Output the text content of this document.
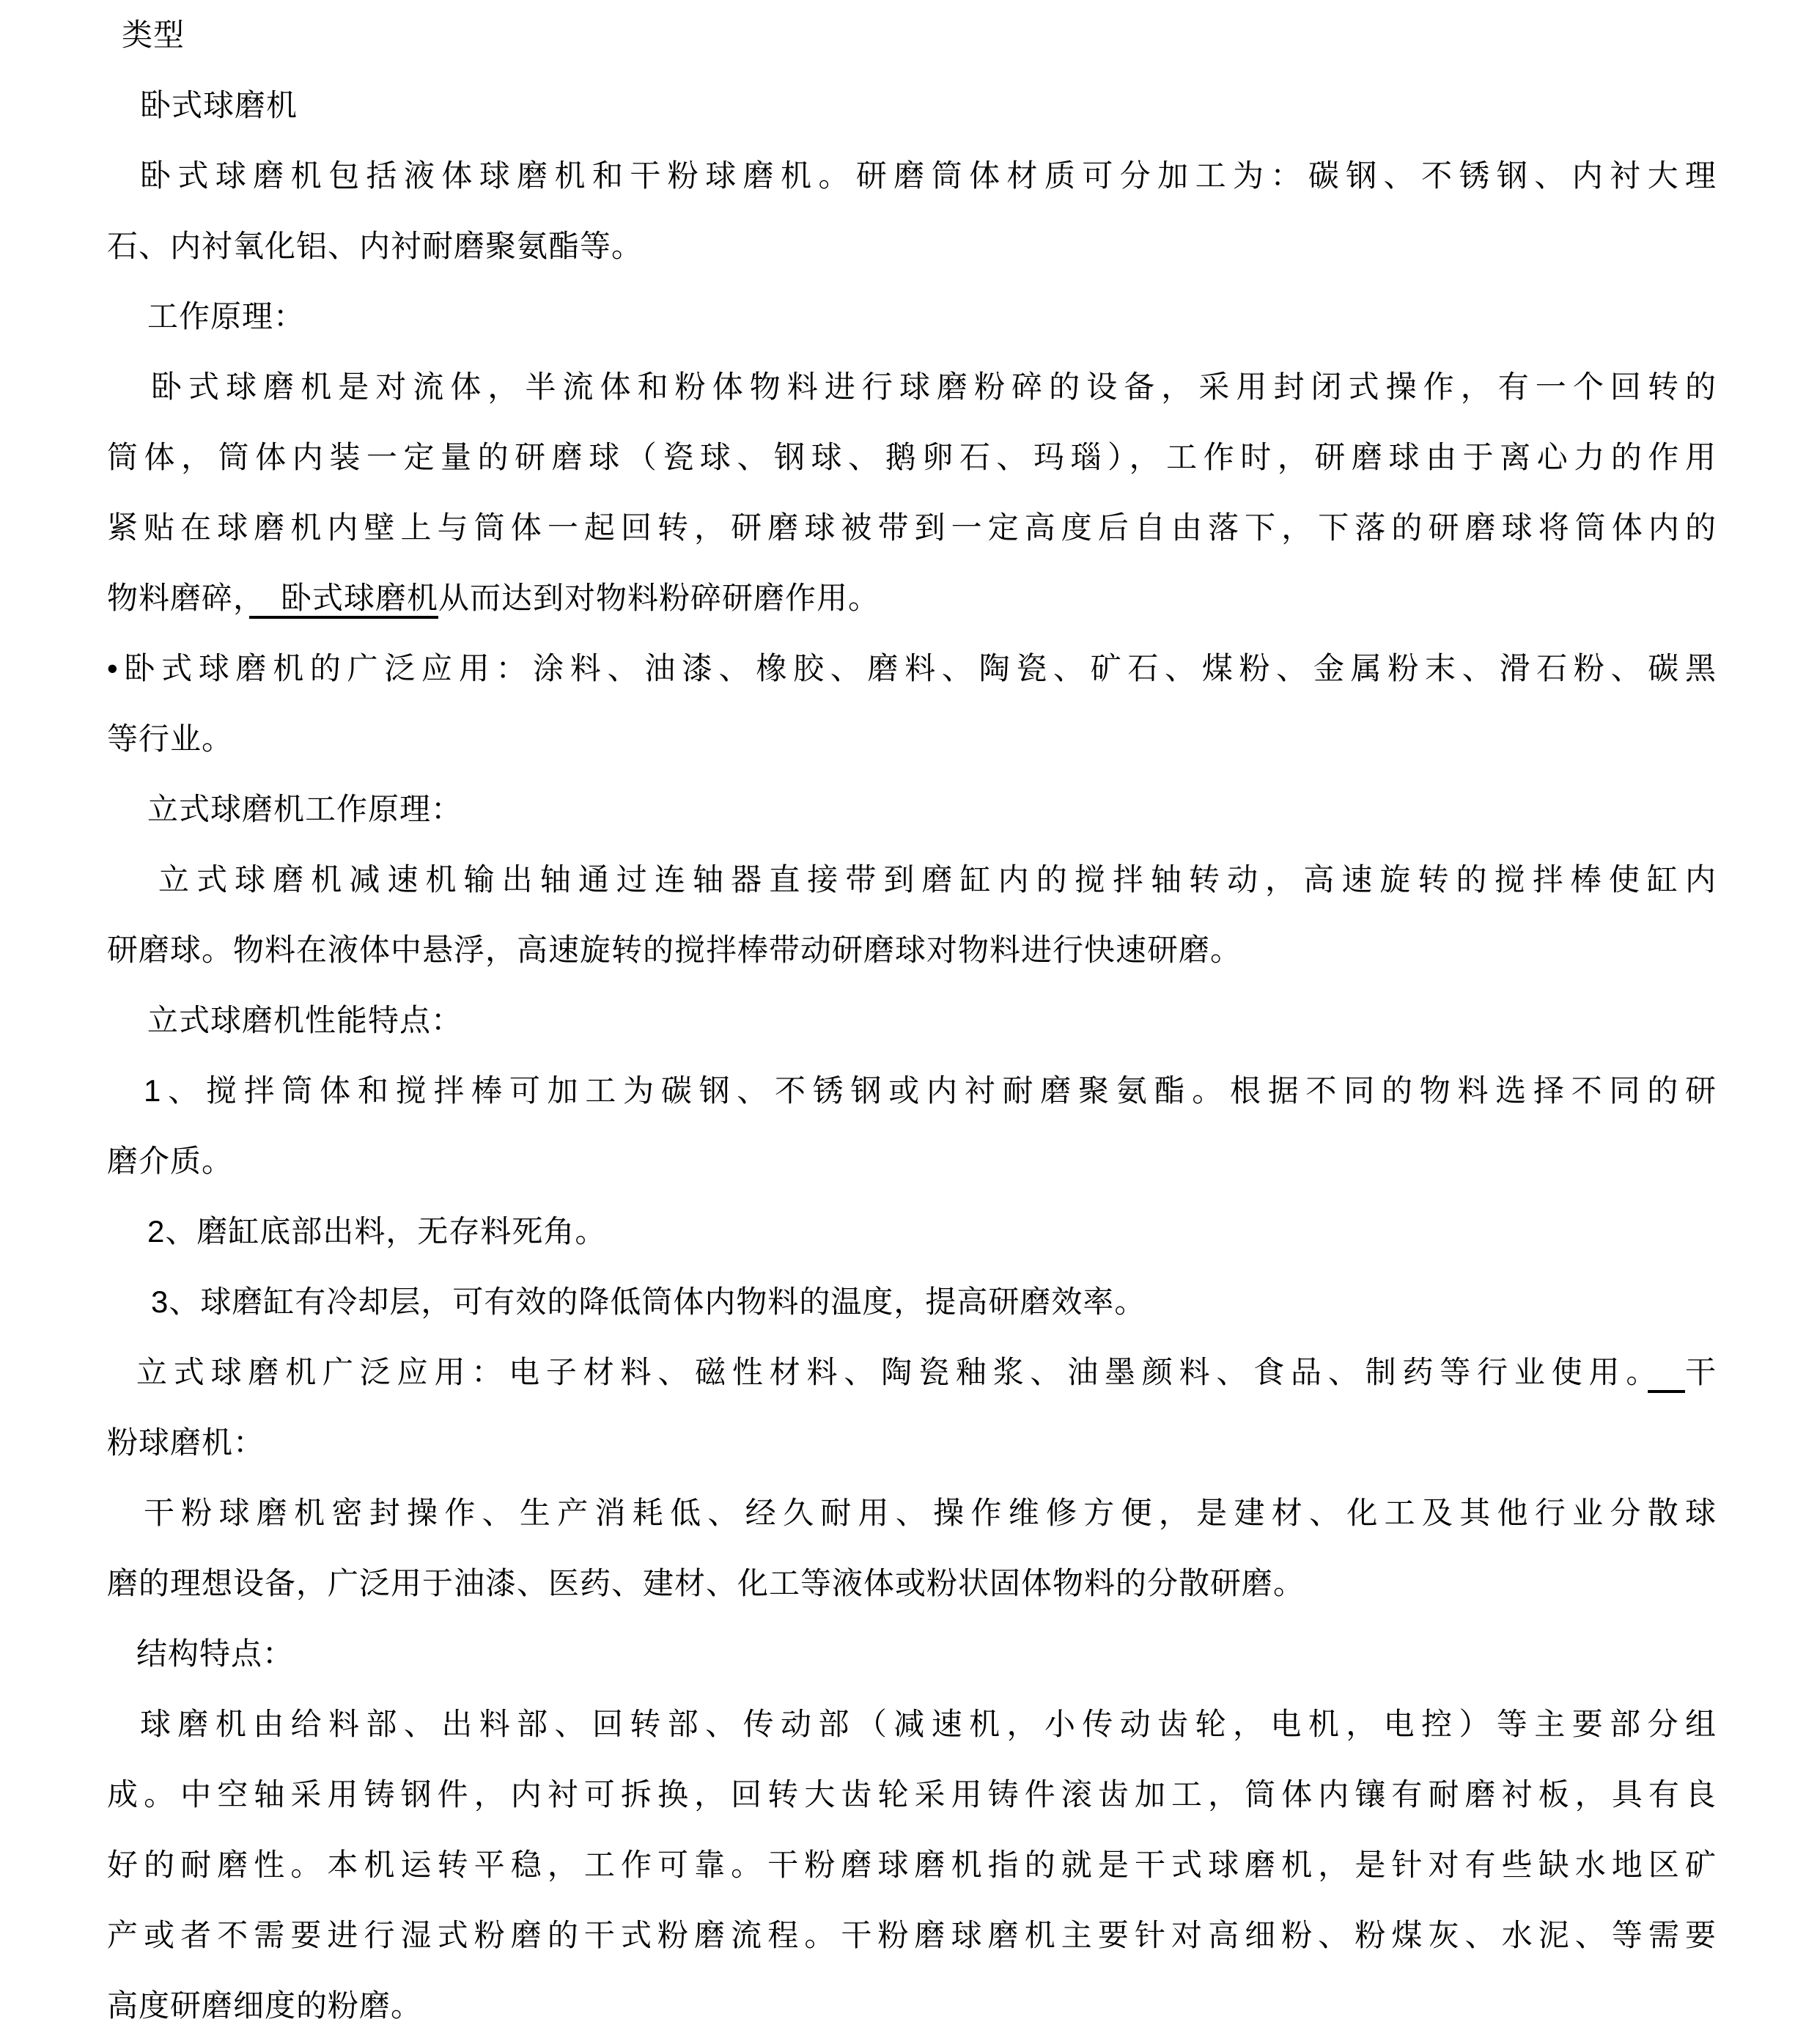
类型
卧式球磨机
卧式球磨机包括液体球磨机和干粉球磨机。研磨筒体材质可分加工为：碳钢、不锈钢、内衬大理
石、内衬氧化铝、内衬耐磨聚氨酯等。
工作原理：
卧式球磨机是对流体，半流体和粉体物料进行球磨粉碎的设备，采用封闭式操作，有一个回转的
筒体，筒体内装一定量的研磨球（瓷球、钢球、鹅卵石、玛瑙），工作时，研磨球由于离心力的作用
紧贴在球磨机内壁上与筒体一起回转，研磨球被带到一定高度后自由落下，下落的研磨球将筒体内的
物料磨碎，　卧式球磨机从而达到对物料粉碎研磨作用。
•卧式球磨机的广泛应用：涂料、油漆、橡胶、磨料、陶瓷、矿石、煤粉、金属粉末、滑石粉、碳黑
等行业。
立式球磨机工作原理：
立式球磨机减速机输出轴通过连轴器直接带到磨缸内的搅拌轴转动，高速旋转的搅拌棒使缸内
研磨球。物料在液体中悬浮，高速旋转的搅拌棒带动研磨球对物料进行快速研磨。
立式球磨机性能特点：
1、搅拌筒体和搅拌棒可加工为碳钢、不锈钢或内衬耐磨聚氨酯。根据不同的物料选择不同的研
磨介质。
2、磨缸底部出料，无存料死角。
3、球磨缸有冷却层，可有效的降低筒体内物料的温度，提高研磨效率。
立式球磨机广泛应用：电子材料、磁性材料、陶瓷釉浆、油墨颜料、食品、制药等行业使用。　 干
粉球磨机：
干粉球磨机密封操作、生产消耗低、经久耐用、操作维修方便，是建材、化工及其他行业分散球
磨的理想设备，广泛用于油漆、医药、建材、化工等液体或粉状固体物料的分散研磨。
结构特点：
球磨机由给料部、出料部、回转部、传动部（减速机，小传动齿轮，电机，电控）等主要部分组
成。中空轴采用铸钢件，内衬可拆换，回转大齿轮采用铸件滚齿加工，筒体内镶有耐磨衬板，具有良
好的耐磨性。本机运转平稳，工作可靠。干粉磨球磨机指的就是干式球磨机，是针对有些缺水地区矿
产或者不需要进行湿式粉磨的干式粉磨流程。干粉磨球磨机主要针对高细粉、粉煤灰、水泥、等需要
高度研磨细度的粉磨。
